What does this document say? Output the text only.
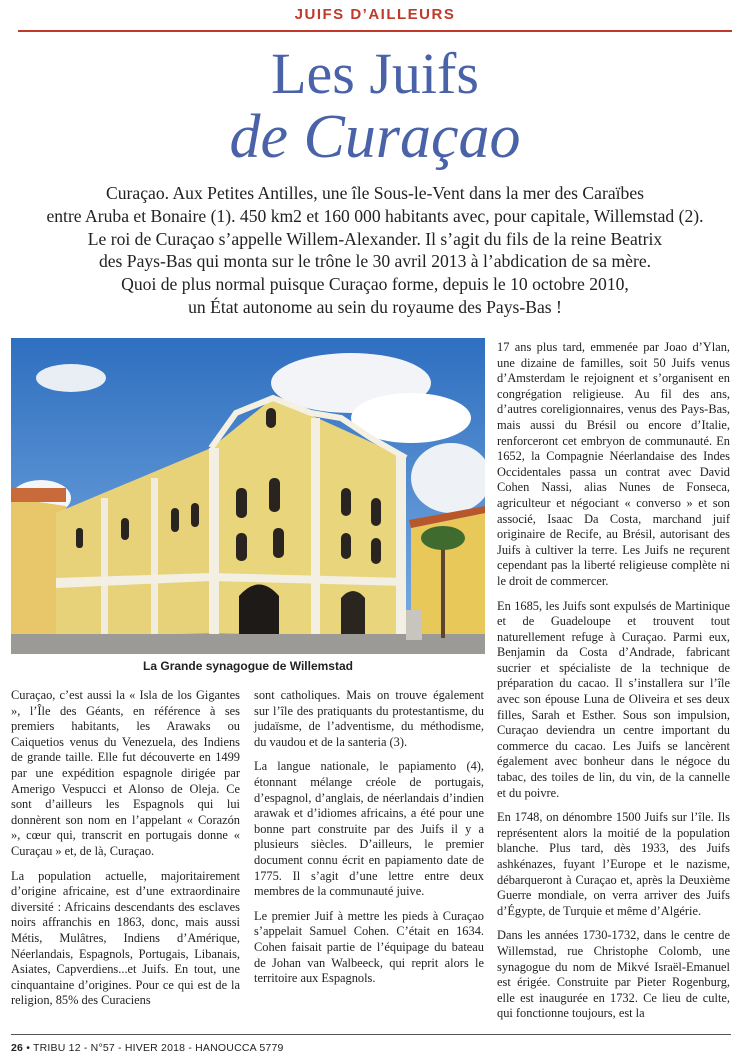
JUIFS D’AILLEURS
Les Juifs
de Curaçao
Curaçao. Aux Petites Antilles, une île Sous-le-Vent dans la mer des Caraïbes
entre Aruba et Bonaire (1). 450 km2 et 160 000 habitants avec, pour capitale, Willemstad (2).
Le roi de Curaçao s’appelle Willem-Alexander. Il s’agit du fils de la reine Beatrix
des Pays-Bas qui monta sur le trône le 30 avril 2013 à l’abdication de sa mère.
Quoi de plus normal puisque Curaçao forme, depuis le 10 octobre 2010,
un État autonome au sein du royaume des Pays-Bas !
La Grande synagogue de Willemstad

Curaçao, c’est aussi la « Isla de los Gigantes », l’Île des Géants, en référence à ses premiers habitants, les Arawaks ou Caiquetios venus du Venezuela, des Indiens de grande taille. Elle fut découverte en 1499 par une expédition espagnole dirigée par Amerigo Vespucci et Alonso de Oleja. Ce sont d’ailleurs les Espagnols qui lui donnèrent son nom en l’appelant « Corazón », cœur qui, transcrit en portugais donne « Curaçau » et, de là, Curaçao.

La population actuelle, majoritairement d’origine africaine, est d’une extraordinaire diversité : Africains descendants des esclaves noirs affranchis en 1863, donc, mais aussi Métis, Mulâtres, Indiens d’Amérique, Néerlandais, Espagnols, Portugais, Libanais, Asiates, Capverdiens...et Juifs. En tout, une cinquantaine d’origines. Pour ce qui est de la religion, 85% des Curaciens

sont catholiques. Mais on trouve également sur l’île des pratiquants du protestantisme, du judaïsme, de l’adventisme, du méthodisme, du vaudou et de la santeria (3).

La langue nationale, le papiamento (4), étonnant mélange créole de portugais, d’espagnol, d’anglais, de néerlandais d’indien arawak et d’idiomes africains, a été pour une bonne part construite par des Juifs il y a plusieurs siècles. D’ailleurs, le premier document connu écrit en papiamento date de 1775. Il s’agit d’une lettre entre deux membres de la communauté juive.

Le premier Juif à mettre les pieds à Curaçao s’appelait Samuel Cohen. C’était en 1634. Cohen faisait partie de l’équipage du bateau de Johan van Walbeeck, qui reprit alors le territoire aux Espagnols.

17 ans plus tard, emmenée par Joao d’Ylan, une dizaine de familles, soit 50 Juifs venus d’Amsterdam le rejoignent et s’organisent en congrégation religieuse. Au fil des ans, d’autres coreligionnaires, venus des Pays-Bas, mais aussi du Brésil ou encore d’Italie, renforceront cet embryon de communauté. En 1652, la Compagnie Néerlandaise des Indes Occidentales passa un contrat avec David Cohen Nassi, alias Nunes de Fonseca, agriculteur et négociant « converso » et son associé, Isaac Da Costa, marchand juif originaire de Recife, au Brésil, autorisant des Juifs à cultiver la terre. Les Juifs ne reçurent cependant pas la liberté religieuse complète ni le droit de commercer.

En 1685, les Juifs sont expulsés de Martinique et de Guadeloupe et trouvent tout naturellement refuge à Curaçao. Parmi eux, Benjamin da Costa d’Andrade, fabricant sucrier et spécialiste de la technique de préparation du cacao. Il s’installera sur l’île avec son épouse Luna de Oliveira et ses deux filles, Sarah et Esther. Sous son impulsion, Curaçao deviendra un centre important du commerce du cacao. Les Juifs se lancèrent également avec bonheur dans le négoce du tabac, des toiles de lin, du vin, de la cannelle et du poivre.

En 1748, on dénombre 1500 Juifs sur l’île. Ils représentent alors la moitié de la population blanche. Plus tard, dès 1933, des Juifs ashkénazes, fuyant l’Europe et le nazisme, débarqueront à Curaçao et, après la Deuxième Guerre mondiale, on verra arriver des Juifs d’Égypte, de Turquie et même d’Algérie.

Dans les années 1730-1732, dans le centre de Willemstad, rue Christophe Colomb, une synagogue du nom de Mikvé Israël-Emanuel est érigée. Construite par Pieter Rogenburg, elle est inaugurée en 1732. Ce lieu de culte, qui fonctionne toujours, est la

26 • TRIBU 12 - N°57 - HIVER 2018 - HANOUCCA 5779
